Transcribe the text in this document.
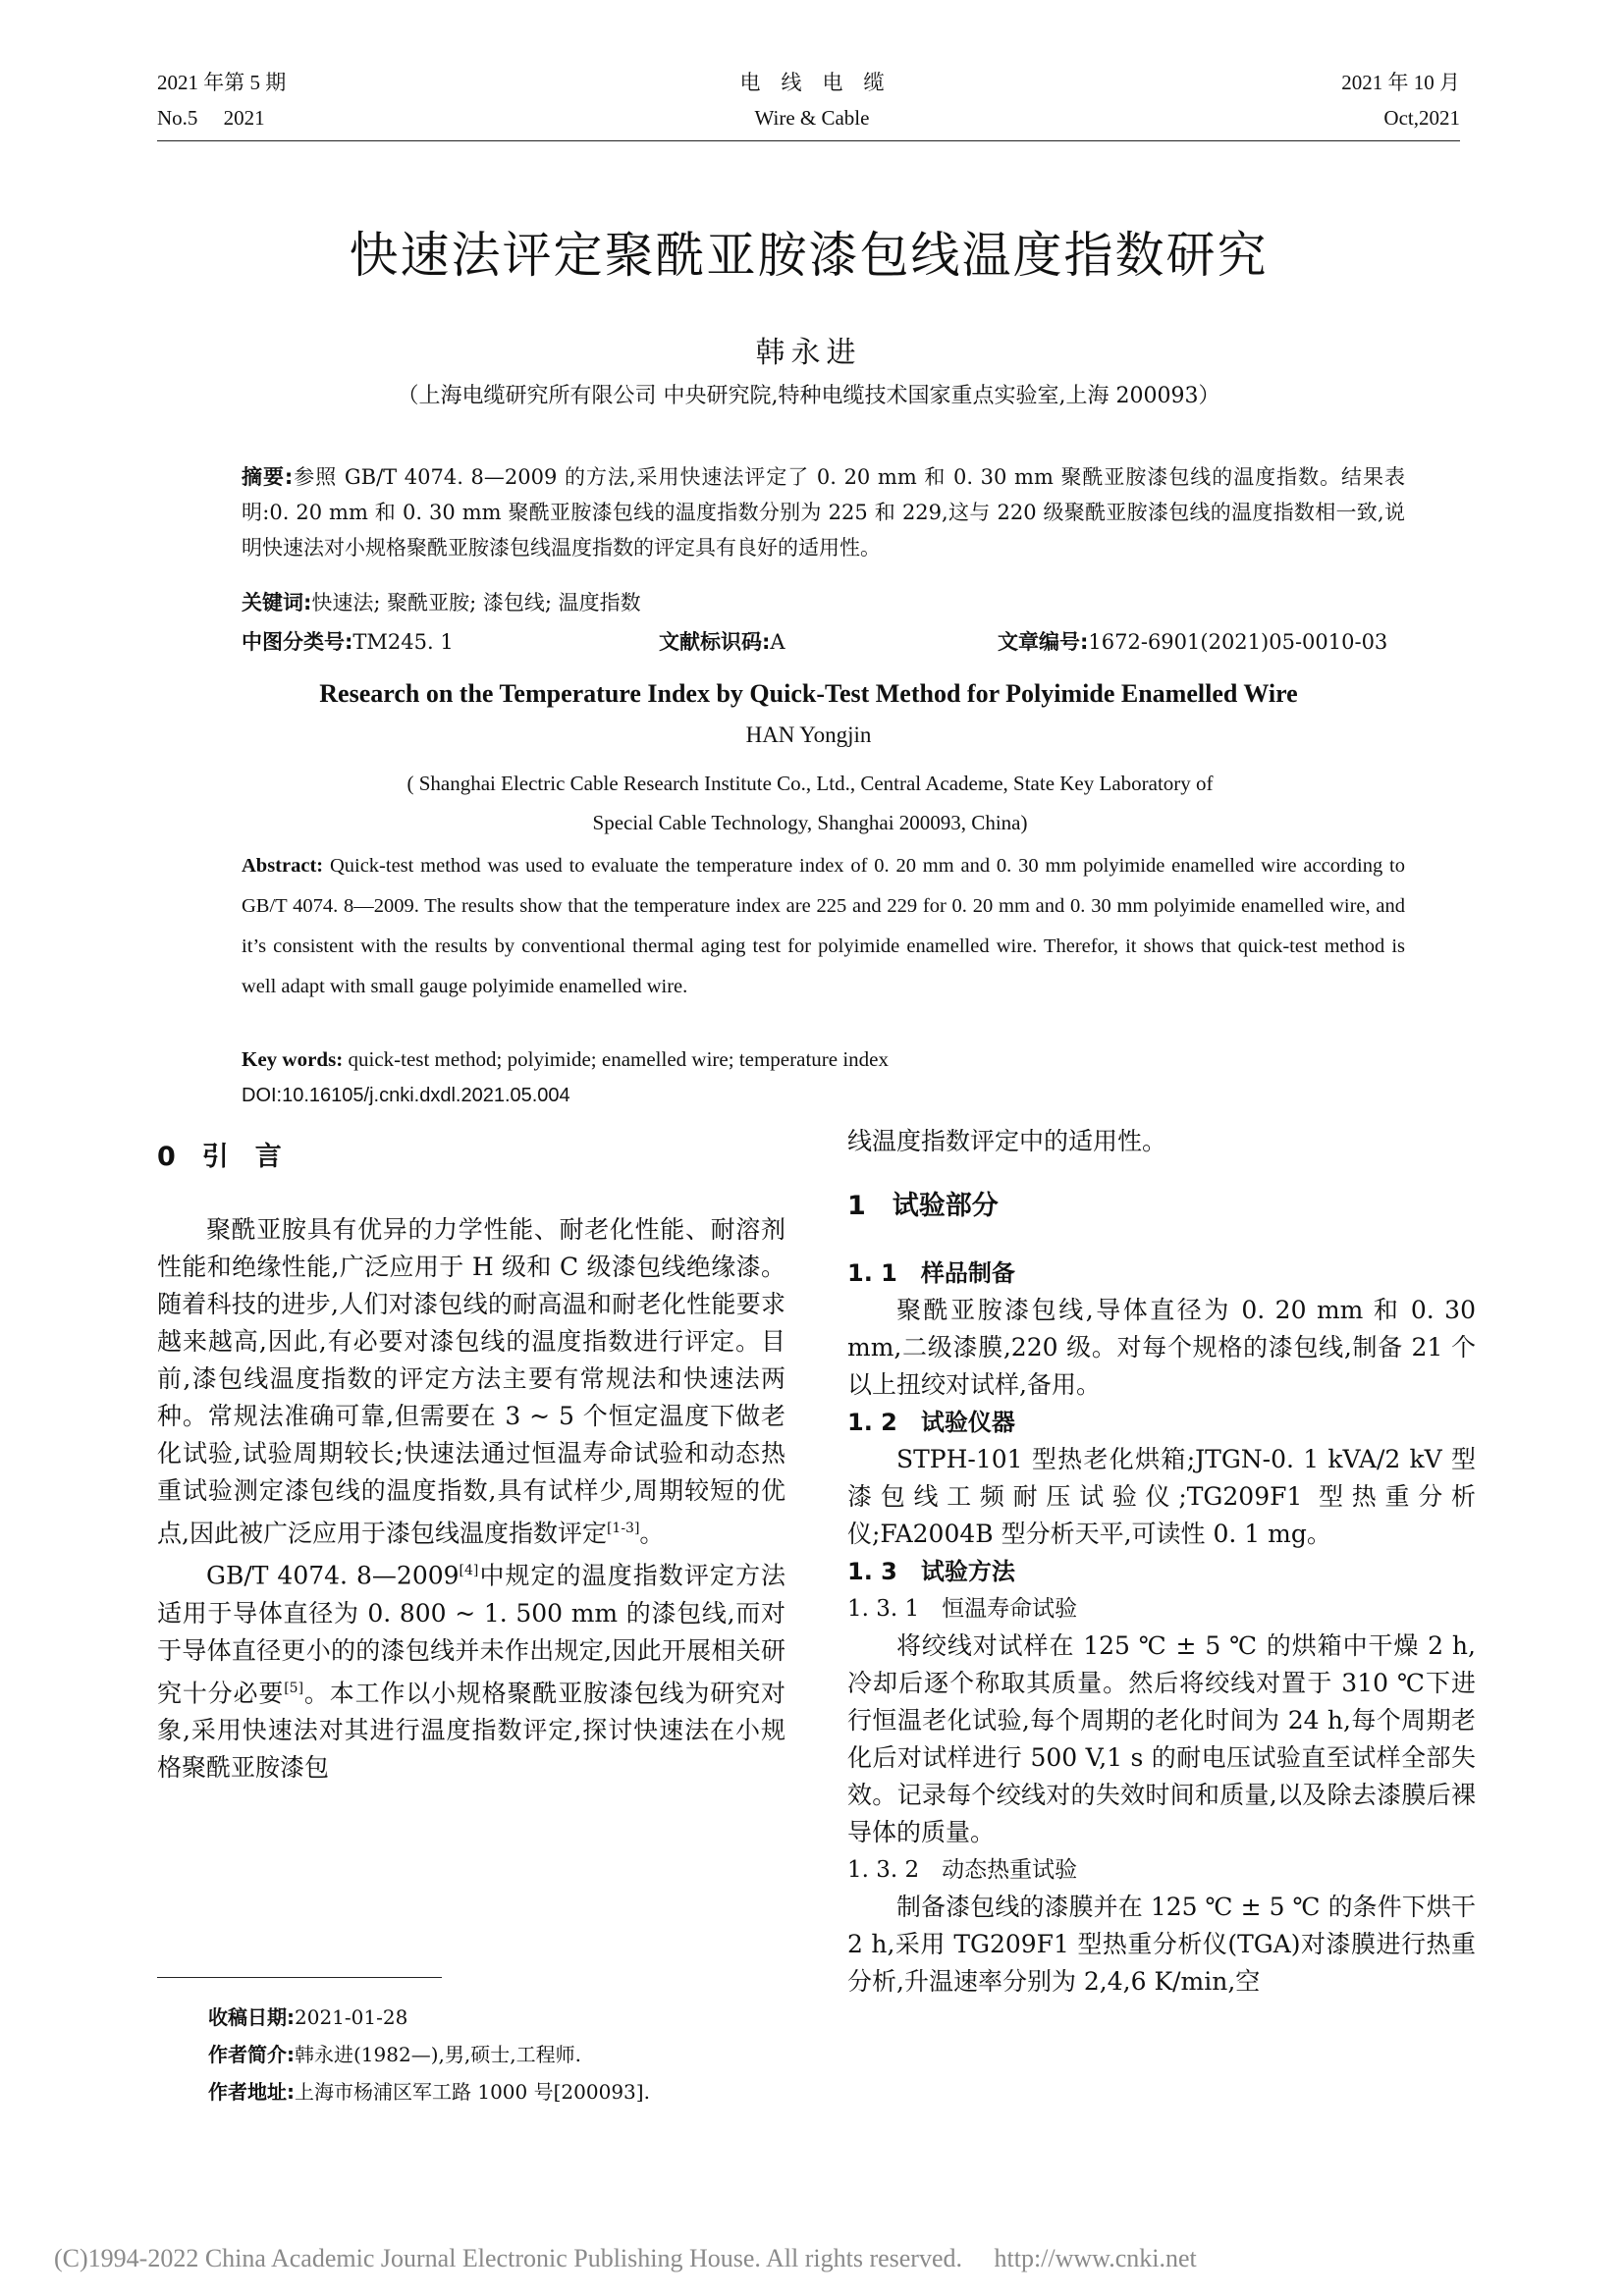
2021 年第 5 期
No.5　 2021
电　线　电　缆
Wire & Cable
2021 年 10 月
Oct,2021
快速法评定聚酰亚胺漆包线温度指数研究
韩永进
（上海电缆研究所有限公司 中央研究院,特种电缆技术国家重点实验室,上海 200093）
摘要:参照 GB/T 4074. 8—2009 的方法,采用快速法评定了 0. 20 mm 和 0. 30 mm 聚酰亚胺漆包线的温度指数。结果表明:0. 20 mm 和 0. 30 mm 聚酰亚胺漆包线的温度指数分别为 225 和 229,这与 220 级聚酰亚胺漆包线的温度指数相一致,说明快速法对小规格聚酰亚胺漆包线温度指数的评定具有良好的适用性。
关键词:快速法; 聚酰亚胺; 漆包线; 温度指数
中图分类号:TM245. 1	文献标识码:A	文章编号:1672-6901(2021)05-0010-03
Research on the Temperature Index by Quick-Test Method for Polyimide Enamelled Wire
HAN Yongjin
( Shanghai Electric Cable Research Institute Co., Ltd., Central Academe, State Key Laboratory of
Special Cable Technology, Shanghai 200093, China)
Abstract: Quick-test method was used to evaluate the temperature index of 0. 20 mm and 0. 30 mm polyimide enamelled wire according to GB/T 4074. 8—2009. The results show that the temperature index are 225 and 229 for 0. 20 mm and 0. 30 mm polyimide enamelled wire, and it’s consistent with the results by conventional thermal aging test for polyimide enamelled wire. Therefor, it shows that quick-test method is well adapt with small gauge polyimide enamelled wire.
Key words: quick-test method; polyimide; enamelled wire; temperature index
DOI:10.16105/j.cnki.dxdl.2021.05.004
0　引　言
聚酰亚胺具有优异的力学性能、耐老化性能、耐溶剂性能和绝缘性能,广泛应用于 H 级和 C 级漆包线绝缘漆。随着科技的进步,人们对漆包线的耐高温和耐老化性能要求越来越高,因此,有必要对漆包线的温度指数进行评定。目前,漆包线温度指数的评定方法主要有常规法和快速法两种。常规法准确可靠,但需要在 3 ~ 5 个恒定温度下做老化试验,试验周期较长;快速法通过恒温寿命试验和动态热重试验测定漆包线的温度指数,具有试样少,周期较短的优点,因此被广泛应用于漆包线温度指数评定[1-3]。
GB/T 4074. 8—2009[4]中规定的温度指数评定方法适用于导体直径为 0. 800 ~ 1. 500 mm 的漆包线,而对于导体直径更小的的漆包线并未作出规定,因此开展相关研究十分必要[5]。本工作以小规格聚酰亚胺漆包线为研究对象,采用快速法对其进行温度指数评定,探讨快速法在小规格聚酰亚胺漆包
收稿日期:2021-01-28
作者简介:韩永进(1982—),男,硕士,工程师.
作者地址:上海市杨浦区军工路 1000 号[200093].
线温度指数评定中的适用性。
1　试验部分
1. 1　样品制备
聚酰亚胺漆包线,导体直径为 0. 20 mm 和 0. 30 mm,二级漆膜,220 级。对每个规格的漆包线,制备 21 个以上扭绞对试样,备用。
1. 2　试验仪器
STPH-101 型热老化烘箱;JTGN-0. 1 kVA/2 kV 型漆包线工频耐压试验仪;TG209F1 型热重分析仪;FA2004B 型分析天平,可读性 0. 1 mg。
1. 3　试验方法
1. 3. 1　恒温寿命试验
将绞线对试样在 125 ℃ ± 5 ℃ 的烘箱中干燥 2 h,冷却后逐个称取其质量。然后将绞线对置于 310 ℃下进行恒温老化试验,每个周期的老化时间为 24 h,每个周期老化后对试样进行 500 V,1 s 的耐电压试验直至试样全部失效。记录每个绞线对的失效时间和质量,以及除去漆膜后裸导体的质量。
1. 3. 2　动态热重试验
制备漆包线的漆膜并在 125 ℃ ± 5 ℃ 的条件下烘干 2 h,采用 TG209F1 型热重分析仪(TGA)对漆膜进行热重分析,升温速率分别为 2,4,6 K/min,空
(C)1994-2022 China Academic Journal Electronic Publishing House. All rights reserved.　 http://www.cnki.net
